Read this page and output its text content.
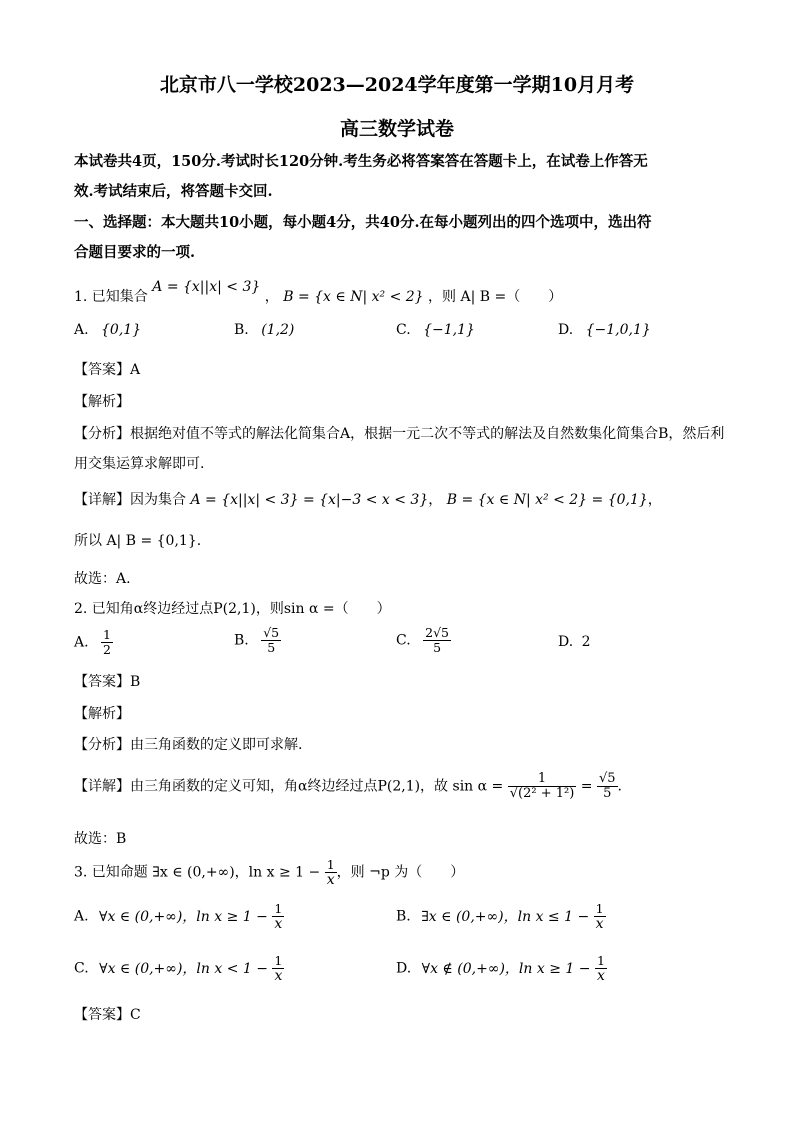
北京市八一学校2023—2024学年度第一学期10月月考
高三数学试卷
本试卷共4页，150分.考试时长120分钟.考生务必将答案答在答题卡上，在试卷上作答无
效.考试结束后，将答题卡交回.
一、选择题：本大题共10小题，每小题4分，共40分.在每小题列出的四个选项中，选出符
合题目要求的一项.
1. 已知集合 A = {x||x| < 3} ， B = {x ∈ N| x² < 2} ，则 A| B =（　　）
A. {0,1}	B. (1,2)	C. {−1,1}	D. {−1,0,1}
【答案】A
【解析】
【分析】根据绝对值不等式的解法化简集合A，根据一元二次不等式的解法及自然数集化简集合B，然后利
用交集运算求解即可.
【详解】因为集合 A = {x||x| < 3} = {x|−3 < x < 3}， B = {x ∈ N| x² < 2} = {0,1}，
所以 A| B = {0,1}.
故选：A.
2. 已知角α终边经过点P(2,1)，则sin α =（　　）
A. $\frac{1}{2}$	B. $\frac{√5}{5}$	C. $\frac{2√5}{5}$	D. 2
【答案】B
【解析】
【分析】由三角函数的定义即可求解.
【详解】由三角函数的定义可知，角α终边经过点P(2,1)，故 $\sin \alpha = \frac{1}{\text{√(2² + 1²)}} = \frac{√5}{5}$ .
故选：B
3. 已知命题 ∃x ∈ (0,+∞)，$\ln x \ge 1 - \frac{1}{x}$ ，则 ¬p 为（　　）
A. ∀x ∈ (0,+∞)，$\ln x \ge 1 - \frac{1}{x}$	B. ∃x ∈ (0,+∞)，$\ln x \le 1 - \frac{1}{x}$
C. ∀x ∈ (0,+∞)，$\ln x < 1 - \frac{1}{x}$	D. ∀x ∉ (0,+∞)，$\ln x \ge 1 - \frac{1}{x}$
【答案】C
